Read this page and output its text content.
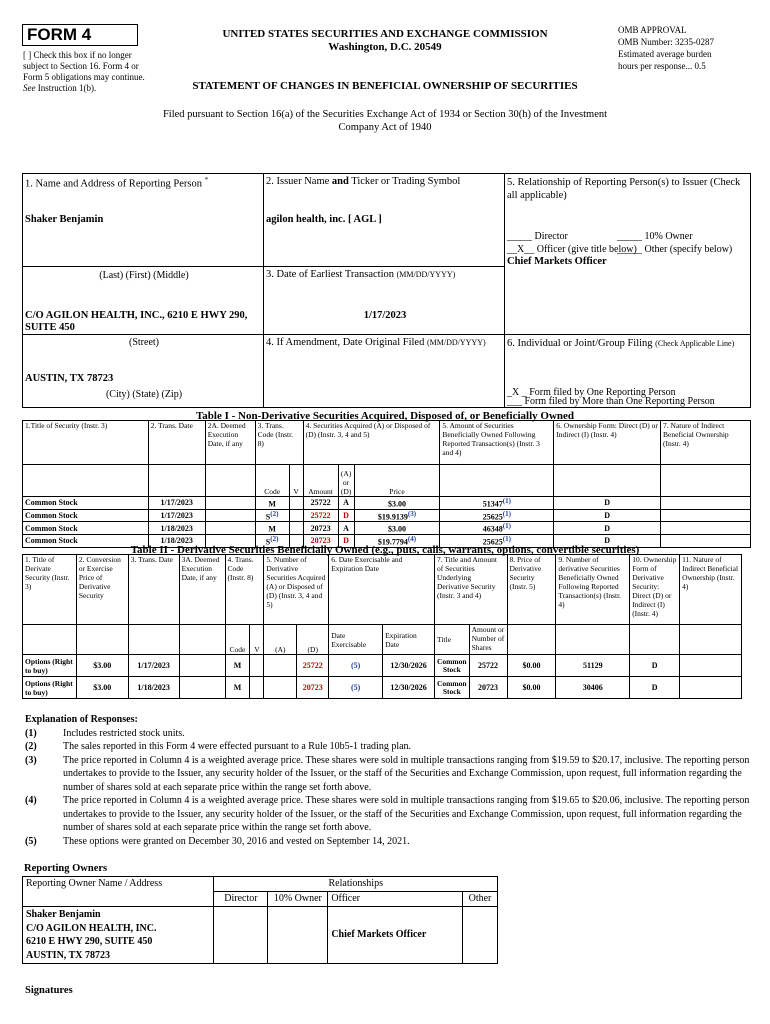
FORM 4
[ ] Check this box if no longer subject to Section 16. Form 4 or Form 5 obligations may continue. See Instruction 1(b).
UNITED STATES SECURITIES AND EXCHANGE COMMISSION
Washington, D.C. 20549
OMB APPROVAL
OMB Number: 3235-0287
Estimated average burden
hours per response... 0.5
STATEMENT OF CHANGES IN BENEFICIAL OWNERSHIP OF SECURITIES
Filed pursuant to Section 16(a) of the Securities Exchange Act of 1934 or Section 30(h) of the Investment Company Act of 1940
1. Name and Address of Reporting Person *
Shaker Benjamin
(Last) (First) (Middle)
C/O AGILON HEALTH, INC., 6210 E HWY 290, SUITE 450
(Street)
AUSTIN, TX 78723
(City) (State) (Zip)
2. Issuer Name and Ticker or Trading Symbol
agilon health, inc. [ AGL ]
3. Date of Earliest Transaction (MM/DD/YYYY)
1/17/2023
4. If Amendment, Date Original Filed (MM/DD/YYYY)
5. Relationship of Reporting Person(s) to Issuer (Check all applicable)
_____ Director	_____ 10% Owner
__X__ Officer (give title below)
_____ Other (specify below)
Chief Markets Officer
6. Individual or Joint/Group Filing (Check Applicable Line)
_X _ Form filed by One Reporting Person
___ Form filed by More than One Reporting Person
Table I - Non-Derivative Securities Acquired, Disposed of, or Beneficially Owned
1.Title of Security (Instr. 3)	2. Trans. Date	2A. Deemed Execution Date, if any	3. Trans. Code (Instr. 8)		4. Securities Acquired (A) or Disposed of (D) (Instr. 3, 4 and 5)			5. Amount of Securities Beneficially Owned Following Reported Transaction(s) (Instr. 3 and 4)	6. Ownership Form: Direct (D) or Indirect (I) (Instr. 4)	7. Nature of Indirect Beneficial Ownership (Instr. 4)
			Code	V	Amount	(A) or (D)	Price			
Common Stock	1/17/2023		M		25722	A	$3.00	51347$^{(1)}$	D	
Common Stock	1/17/2023		$S^{(2)}$		25722	D	$19.9139$^{(3)}$	25625$^{(1)}$	D	
Common Stock	1/18/2023		M		20723	A	$3.00	46348$^{(1)}$	D	
Common Stock	1/18/2023		$S^{(2)}$		20723	D	$19.7794$^{(4)}$	25625$^{(1)}$	D	
Table II - Derivative Securities Beneficially Owned (e.g., puts, calls, warrants, options, convertible securities)
1. Title of Derivate Security (Instr. 3)	2. Conversion or Exercise Price of Derivative Security	3. Trans. Date	3A. Deemed Execution Date, if any	4. Trans. Code (Instr. 8)		5. Number of Derivative Securities Acquired (A) or Disposed of (D) (Instr. 3, 4 and 5)		6. Date Exercisable and Expiration Date		7. Title and Amount of Securities Underlying Derivative Security (Instr. 3 and 4)		8. Price of Derivative Security (Instr. 5)	9. Number of derivative Securities Beneficially Owned Following Reported Transaction(s) (Instr. 4)	10. Ownership Form of Derivative Security: Direct (D) or Indirect (I) (Instr. 4)	11. Nature of Indirect Beneficial Ownership (Instr. 4)
				Code	V	(A)	(D)	Date Exercisable	Expiration Date	Title	Amount or Number of Shares				
Options (Right to buy)	$3.00	1/17/2023		M			25722	(5)	12/30/2026	Common Stock	25722	$0.00	51129	D	
Options (Right to buy)	$3.00	1/18/2023		M			20723	(5)	12/30/2026	Common Stock	20723	$0.00	30406	D	
Explanation of Responses:
(1)	Includes restricted stock units.
(2)	The sales reported in this Form 4 were effected pursuant to a Rule 10b5-1 trading plan.
(3)	The price reported in Column 4 is a weighted average price. These shares were sold in multiple transactions ranging from $19.59 to $20.17, inclusive. The reporting person undertakes to provide to the Issuer, any security holder of the Issuer, or the staff of the Securities and Exchange Commission, upon request, full information regarding the number of shares sold at each separate price within the range set forth above.
(4)	The price reported in Column 4 is a weighted average price. These shares were sold in multiple transactions ranging from $19.65 to $20.06, inclusive. The reporting person undertakes to provide to the Issuer, any security holder of the Issuer, or the staff of the Securities and Exchange Commission, upon request, full information regarding the number of shares sold at each separate price within the range set forth above.
(5)	These options were granted on December 30, 2016 and vested on September 14, 2021.
Reporting Owners
Reporting Owner Name / Address	Relationships			
	Director	10% Owner	Officer	Other

Shaker Benjamin
C/O AGILON HEALTH, INC.
6210 E HWY 290, SUITE 450
AUSTIN, TX 78723			Chief Markets Officer	
Signatures
